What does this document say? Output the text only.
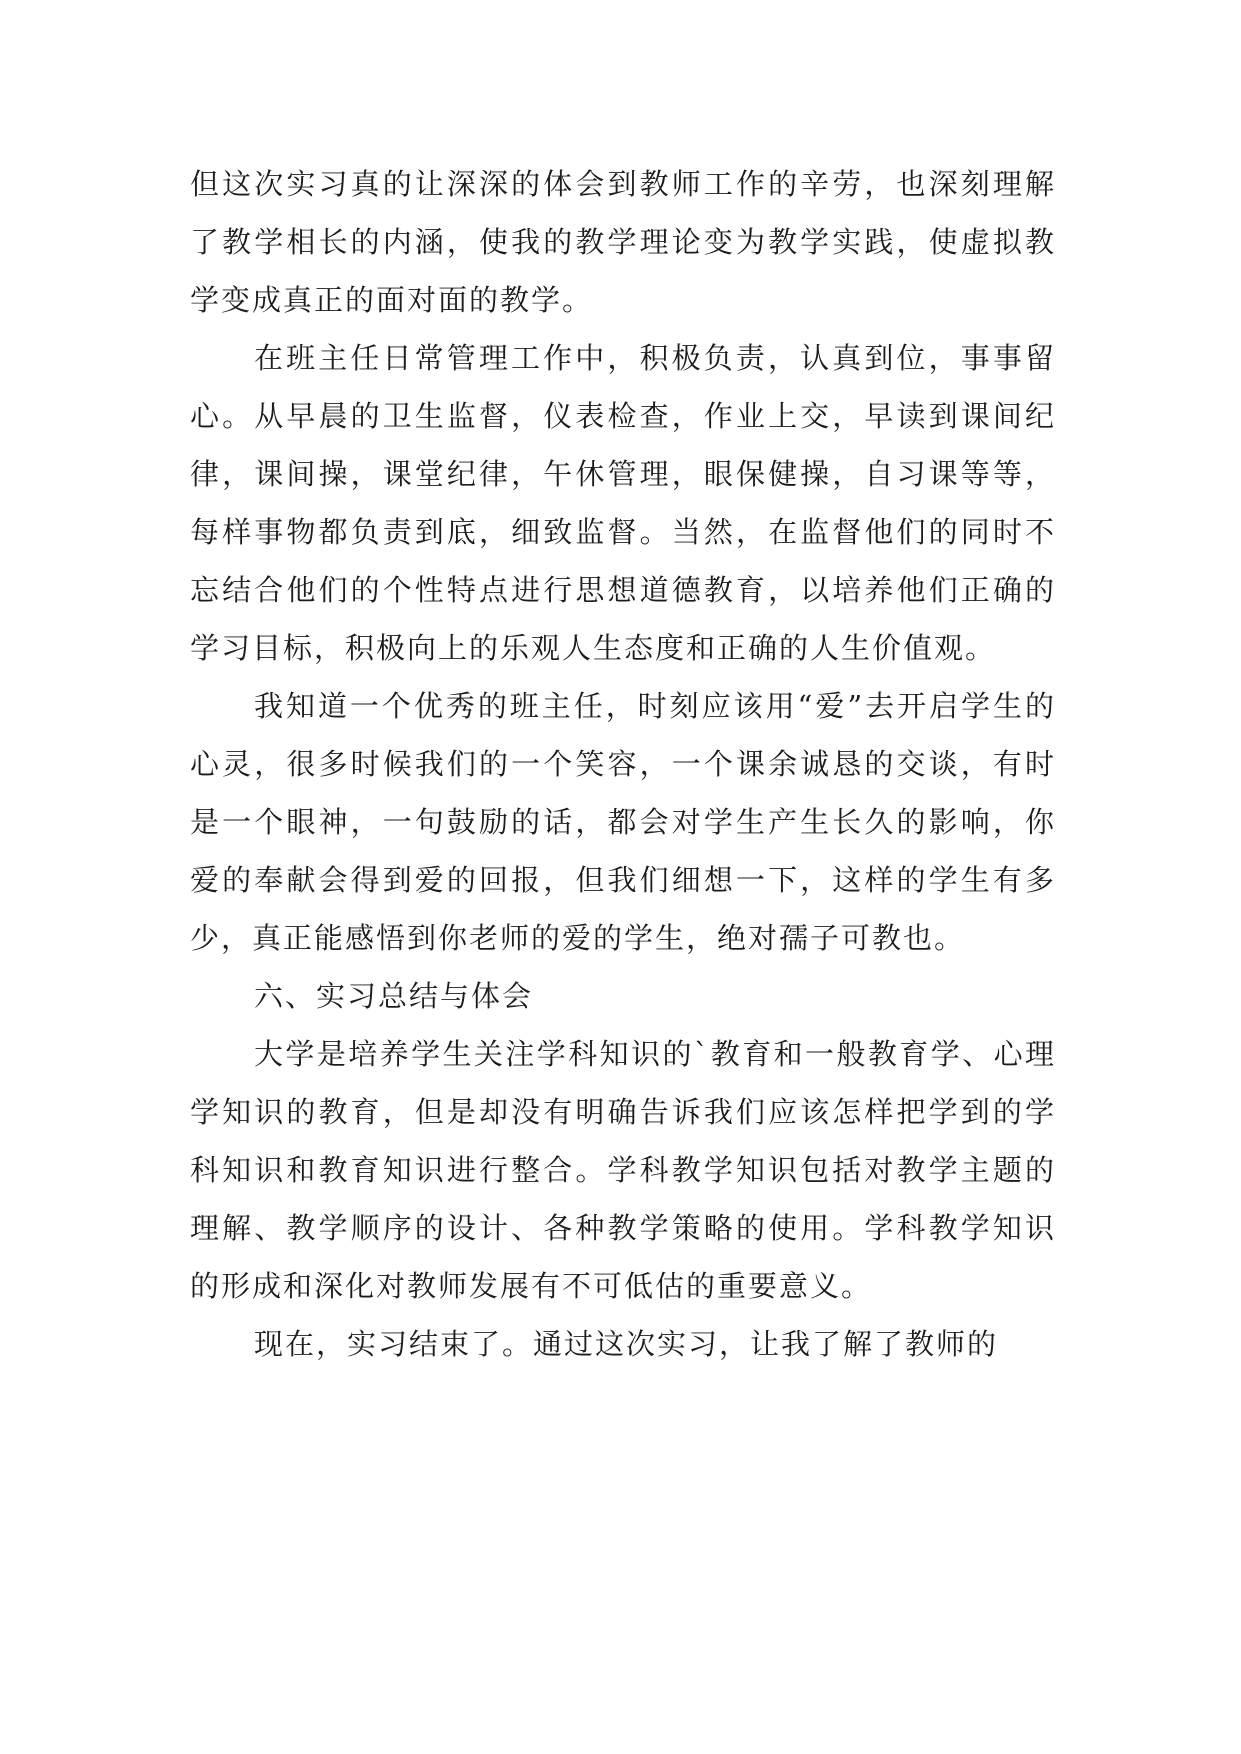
但这次实习真的让深深的体会到教师工作的辛劳，也深刻理解了教学相长的内涵，使我的教学理论变为教学实践，使虚拟教学变成真正的面对面的教学。

在班主任日常管理工作中，积极负责，认真到位，事事留心。从早晨的卫生监督，仪表检查，作业上交，早读到课间纪律，课间操，课堂纪律，午休管理，眼保健操，自习课等等，每样事物都负责到底，细致监督。当然，在监督他们的同时不忘结合他们的个性特点进行思想道德教育，以培养他们正确的学习目标，积极向上的乐观人生态度和正确的人生价值观。

我知道一个优秀的班主任，时刻应该用“爱”去开启学生的心灵，很多时候我们的一个笑容，一个课余诚恳的交谈，有时是一个眼神，一句鼓励的话，都会对学生产生长久的影响，你爱的奉献会得到爱的回报，但我们细想一下，这样的学生有多少，真正能感悟到你老师的爱的学生，绝对孺子可教也。

六、实习总结与体会

大学是培养学生关注学科知识的`教育和一般教育学、心理学知识的教育，但是却没有明确告诉我们应该怎样把学到的学科知识和教育知识进行整合。学科教学知识包括对教学主题的理解、教学顺序的设计、各种教学策略的使用。学科教学知识的形成和深化对教师发展有不可低估的重要意义。

现在，实习结束了。通过这次实习，让我了解了教师的
